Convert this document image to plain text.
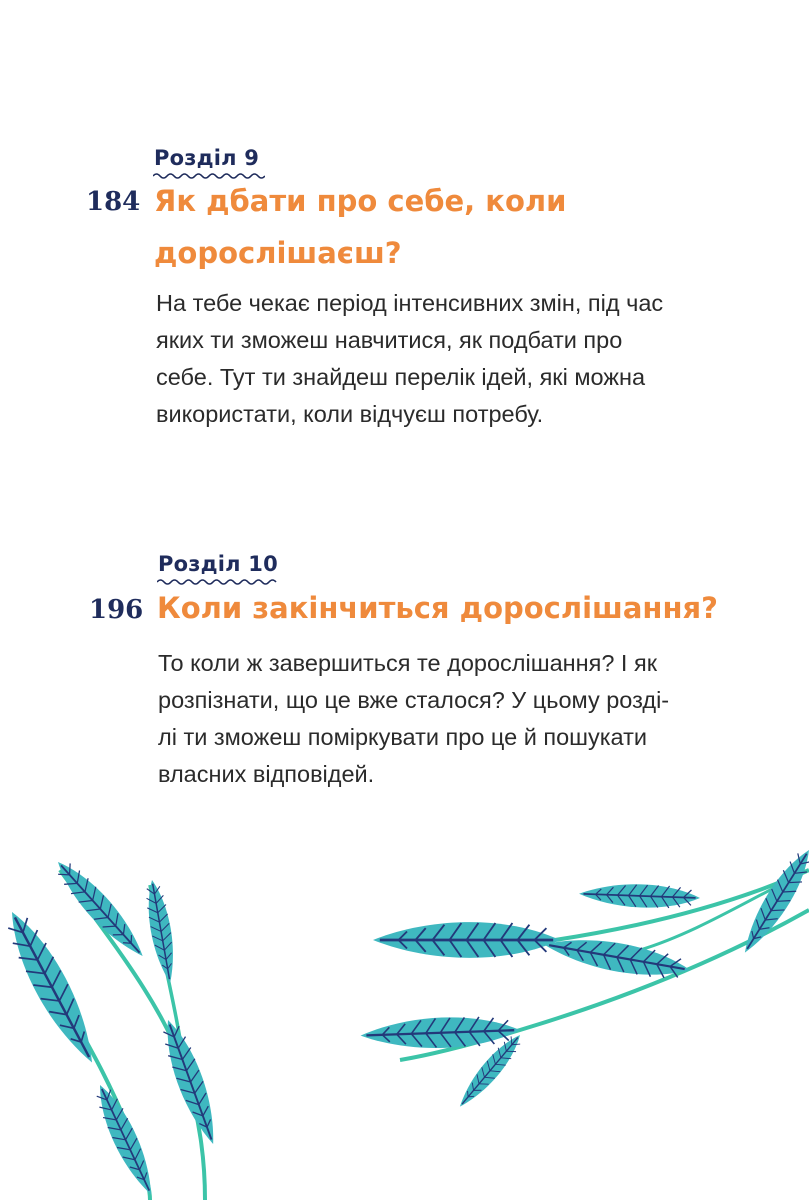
Розділ 9
184 Як дбати про себе, коли
дорослішаєш?
На тебе чекає період інтенсивних змін, під час
яких ти зможеш навчитися, як подбати про
себе. Тут ти знайдеш перелік ідей, які можна
використати, коли відчуєш потребу.
Розділ 10
196 Коли закінчиться дорослішання?
То коли ж завершиться те дорослішання? І як
розпізнати, що це вже сталося? У цьому розді-
лі ти зможеш поміркувати про це й пошукати
власних відповідей.
